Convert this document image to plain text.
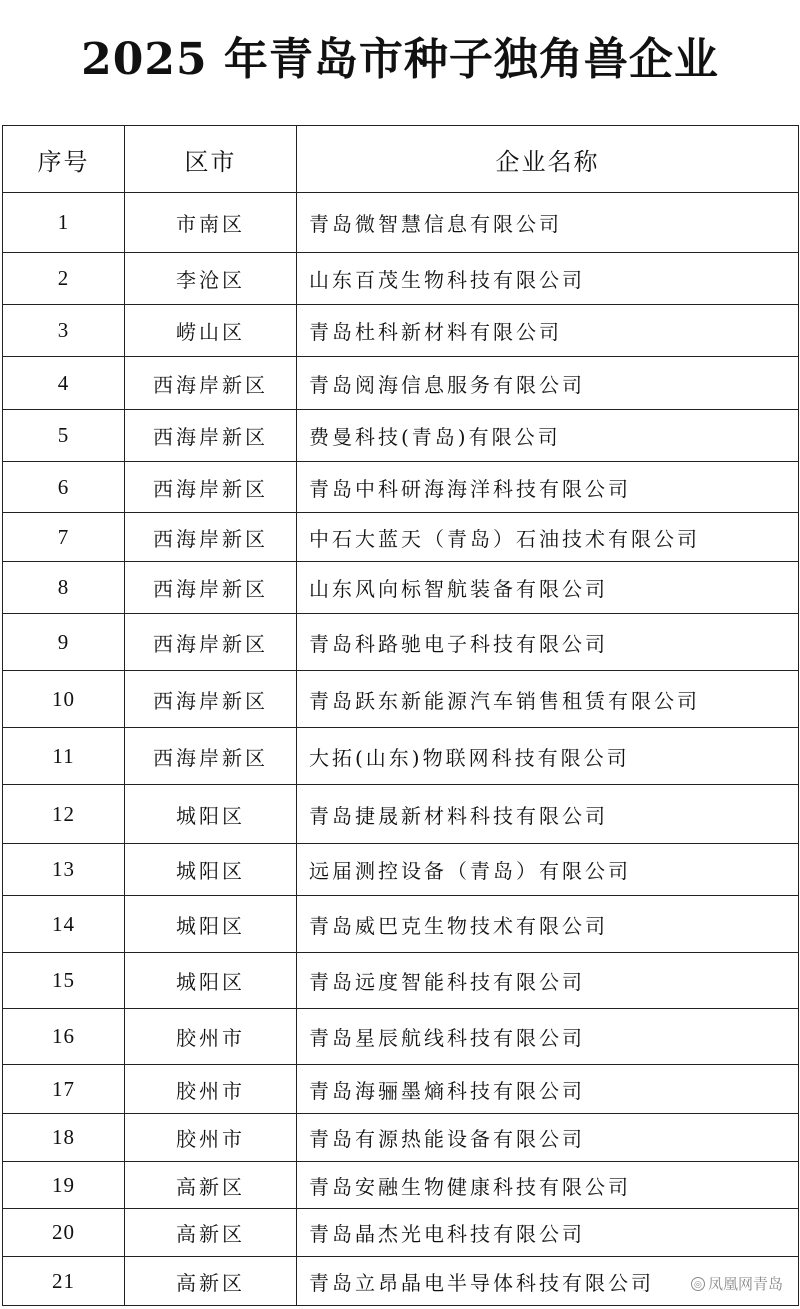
2025 年青岛市种子独角兽企业
序号	区市	企业名称
1	市南区	青岛微智慧信息有限公司
2	李沧区	山东百茂生物科技有限公司
3	崂山区	青岛杜科新材料有限公司
4	西海岸新区	青岛阅海信息服务有限公司
5	西海岸新区	费曼科技(青岛)有限公司
6	西海岸新区	青岛中科研海海洋科技有限公司
7	西海岸新区	中石大蓝天（青岛）石油技术有限公司
8	西海岸新区	山东风向标智航装备有限公司
9	西海岸新区	青岛科路驰电子科技有限公司
10	西海岸新区	青岛跃东新能源汽车销售租赁有限公司
11	西海岸新区	大拓(山东)物联网科技有限公司
12	城阳区	青岛捷晟新材料科技有限公司
13	城阳区	远届测控设备（青岛）有限公司
14	城阳区	青岛威巴克生物技术有限公司
15	城阳区	青岛远度智能科技有限公司
16	胶州市	青岛星辰航线科技有限公司
17	胶州市	青岛海骊墨熵科技有限公司
18	胶州市	青岛有源热能设备有限公司
19	高新区	青岛安融生物健康科技有限公司
20	高新区	青岛晶杰光电科技有限公司
21	高新区	青岛立昂晶电半导体科技有限公司	◎ 凤凰网青岛
